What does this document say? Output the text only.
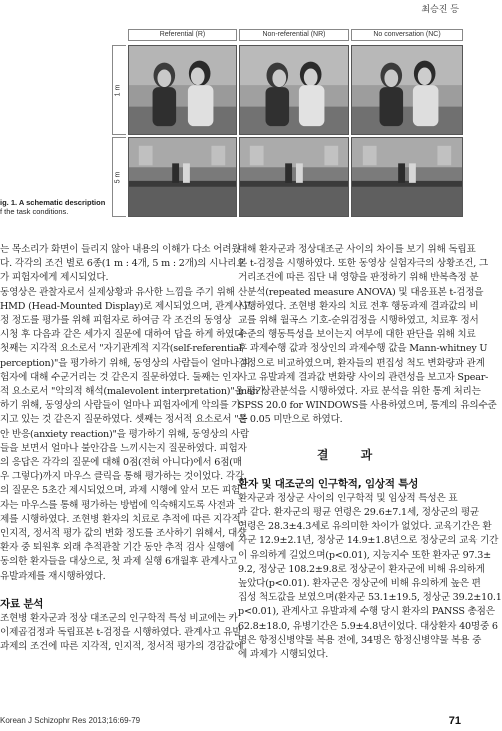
최승진 등
Referential (R)	Non-referential (NR)	No conversation (NC)
1 m
5 m
ig. 1. A schematic description
f the task conditions.

는 목소리가 화면이 들리지 않아 내용의 이해가 다소 어려웠

다. 각각의 조건 별로 6종(1 m : 4개, 5 m : 2개)의 시나리오

가 피험자에게 제시되었다.

동영상은 관찰자로서 실제상황과 유사한 느낌을 주기 위해

HMD (Head-Mounted Display)로 제시되었으며, 관계사고

정 정도를 평가를 위해 피험자로 하여금 각 조건의 동영상

시청 후 다음과 같은 세가지 질문에 대하여 답을 하게 하였다.

첫째는 지각적 요소로서 "자기관계적 지각(self-referential

perception)"을 평가하기 위해, 동영상의 사람들이 얼마나 피

험자에 대해 수군거리는 것 같은지 질문하였다. 둘째는 인지

적 요소로서 "악의적 해석(malevolent interpretation)"을 평가

하기 위해, 동영상의 사람들이 얼마나 피험자에게 악의를 가

지고 있는 것 같은지 질문하였다. 셋째는 정서적 요소로서 "불

안 반응(anxiety reaction)"을 평가하기 위해, 동영상의 사람

들을 보면서 얼마나 불안감을 느끼시는지 질문하였다. 피험자

의 응답은 각각의 질문에 대해 0점(전혀 아니다)에서 6점(매

우 그렇다)까지 마우스 클릭을 통해 평가하는 것이었다. 각각

의 질문은 5초간 제시되었으며, 과제 시행에 앞서 모든 피험

자는 마우스를 통해 평가하는 방법에 익숙해지도록 사전과

제를 시행하였다. 조현병 환자의 치료로 추적에 따른 지각적,

인지적, 정서적 평가 값의 변화 정도를 조사하기 위해서, 대상

환자 중 퇴원후 외래 추적관찰 기간 동안 추적 검사 실행에

동의한 환자들을 대상으로, 첫 과제 실행 6개월후 관계사고

유발과제를 재시행하였다.

자료 분석

조현병 환자군과 정상 대조군의 인구학적 특성 비교에는 카

이제곱검정과 독립표본 t-검정을 시행하였다. 관계사고 유발

과제의 조건에 따른 지각적, 인지적, 정서적 평가의 경감값에

대해 환자군과 정상대조군 사이의 차이를 보기 위해 독립표

본 t-검정을 시행하였다. 또한 동영상 실험자극의 상황조건, 그

거리조건에 따른 집단 내 영향을 판정하기 위해 반복측정 분

산분석(repeated measure ANOVA) 및 대응표본 t-검정을

시행하였다. 조현병 환자의 치료 전후 행동과제 결과값의 비

교를 위해 월곡스 기호-순위검정을 시행하였고, 치료후 정서

수준의 행동특성을 보이는지 여부에 대한 판단을 위해 치료

후 과제수행 값과 정상인의 과제수행 값을 Mann-whitney U

검정으로 비교하였으며, 환자들의 편집성 척도 변화량과 관계

사고 유발과제 결과값 변화량 사이의 관련성을 보고자 Spear-

man 상관분석을 시행하였다. 자료 분석을 위한 통계 처리는

SPSS 20.0 for WINDOWS를 사용하였으며, 통계의 유의수준

은 0.05 미만으로 하였다.

결 과

환자 및 대조군의 인구학적, 임상적 특성

환자군과 정상군 사이의 인구학적 및 임상적 특성은 표

과 같다. 환자군의 평균 연령은 29.6±7.1세, 정상군의 평균

연령은 28.3±4.3세로 유의미한 차이가 없었다. 교육기간은 환

자군 12.9±2.1년, 정상군 14.9±1.8년으로 정상군의 교육 기간

이 유의하게 길었으며(p<0.01), 지능지수 또한 환자군 97.3±

9.2, 정상군 108.2±9.8로 정상군이 환자군에 비해 유의하게

높았다(p<0.01). 환자군은 정상군에 비해 유의하게 높은 편

집성 척도값을 보였으며(환자군 53.1±19.5, 정상군 39.2±10.1

p<0.01), 관계사고 유발과제 수행 당시 환자의 PANSS 총점은

62.8±18.0, 유병기간은 5.9±4.8년이었다. 대상환자 40명중 6

명은 항정신병약물 복용 전에, 34명은 항정신병약물 복용 중

에 과제가 시행되었다.

Korean J Schizophr Res 2013;16:69-79	71
